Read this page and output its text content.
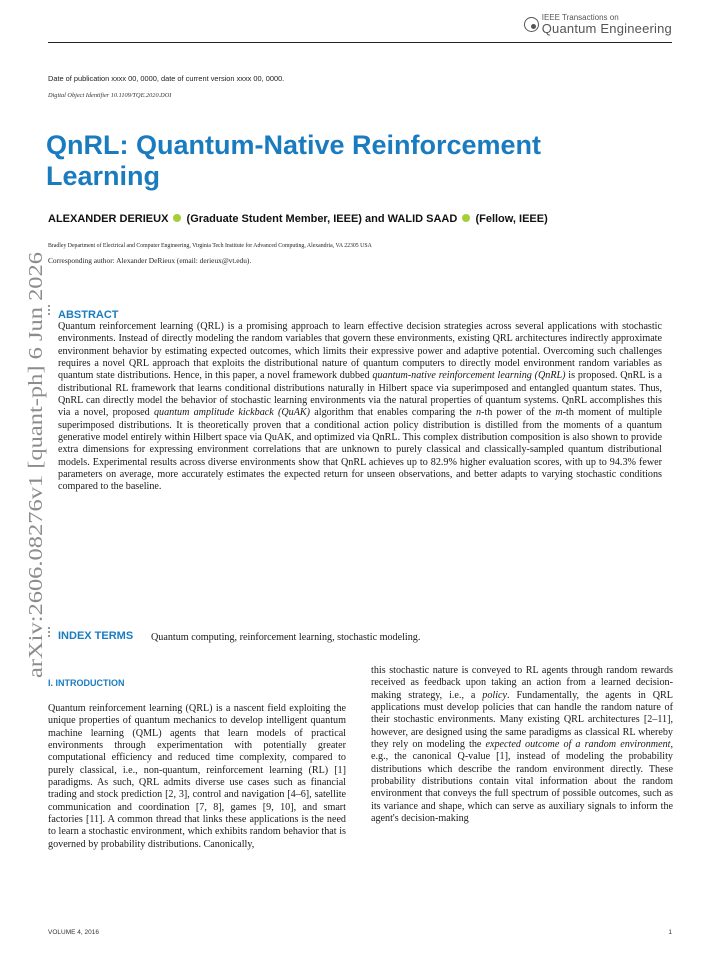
IEEE Transactions on
Quantum Engineering
Date of publication xxxx 00, 0000, date of current version xxxx 00, 0000.
Digital Object Identifier 10.1109/TQE.2020.DOI
QnRL: Quantum-Native Reinforcement Learning
ALEXANDER DERIEUX (Graduate Student Member, IEEE) and WALID SAAD (Fellow, IEEE)
Bradley Department of Electrical and Computer Engineering, Virginia Tech Institute for Advanced Computing, Alexandria, VA 22305 USA
Corresponding author: Alexander DeRieux (email: derieux@vt.edu).
arXiv:2606.08276v1 [quant-ph] 6 Jun 2026
ABSTRACT
Quantum reinforcement learning (QRL) is a promising approach to learn effective decision strategies across several applications with stochastic environments. Instead of directly modeling the random variables that govern these environments, existing QRL architectures indirectly approximate environment behavior by estimating expected outcomes, which limits their expressive power and adaptive potential. Overcoming such challenges requires a novel QRL approach that exploits the distributional nature of quantum computers to directly model environment random variables as quantum state distributions. Hence, in this paper, a novel framework dubbed quantum-native reinforcement learning (QnRL) is proposed. QnRL is a distributional RL framework that learns conditional distributions naturally in Hilbert space via superimposed and entangled quantum states. Thus, QnRL can directly model the behavior of stochastic learning environments via the natural properties of quantum systems. QnRL accomplishes this via a novel, proposed quantum amplitude kickback (QuAK) algorithm that enables comparing the n-th power of the m-th moment of multiple superimposed distributions. It is theoretically proven that a conditional action policy distribution is distilled from the moments of a quantum generative model entirely within Hilbert space via QuAK, and optimized via QnRL. This complex distribution composition is also shown to provide extra dimensions for expressing environment correlations that are unknown to purely classical and classically-sampled quantum distributional models. Experimental results across diverse environments show that QnRL achieves up to 82.9% higher evaluation scores, with up to 94.3% fewer parameters on average, more accurately estimates the expected return for unseen observations, and better adapts to varying stochastic conditions compared to the baseline.
INDEX TERMS Quantum computing, reinforcement learning, stochastic modeling.
I. INTRODUCTION
Quantum reinforcement learning (QRL) is a nascent field exploiting the unique properties of quantum mechanics to develop intelligent quantum machine learning (QML) agents that learn models of practical environments through experimentation with potentially greater computational efficiency and reduced time complexity, compared to purely classical, i.e., non-quantum, reinforcement learning (RL) [1] paradigms. As such, QRL admits diverse use cases such as financial trading and stock prediction [2, 3], control and navigation [4–6], satellite communication and coordination [7, 8], games [9, 10], and smart factories [11]. A common thread that links these applications is the need to learn a stochastic environment, which exhibits random behavior that is governed by probability distributions. Canonically,
this stochastic nature is conveyed to RL agents through random rewards received as feedback upon taking an action from a learned decision-making strategy, i.e., a policy. Fundamentally, the agents in QRL applications must develop policies that can handle the random nature of their stochastic environments. Many existing QRL architectures [2–11], however, are designed using the same paradigms as classical RL whereby they rely on modeling the expected outcome of a random environment, e.g., the canonical Q-value [1], instead of modeling the probability distributions which describe the random environment directly. These probability distributions contain vital information about the random environment that conveys the full spectrum of possible outcomes, such as its variance and shape, which can serve as auxiliary signals to inform the agent's decision-making
VOLUME 4, 2016	1
